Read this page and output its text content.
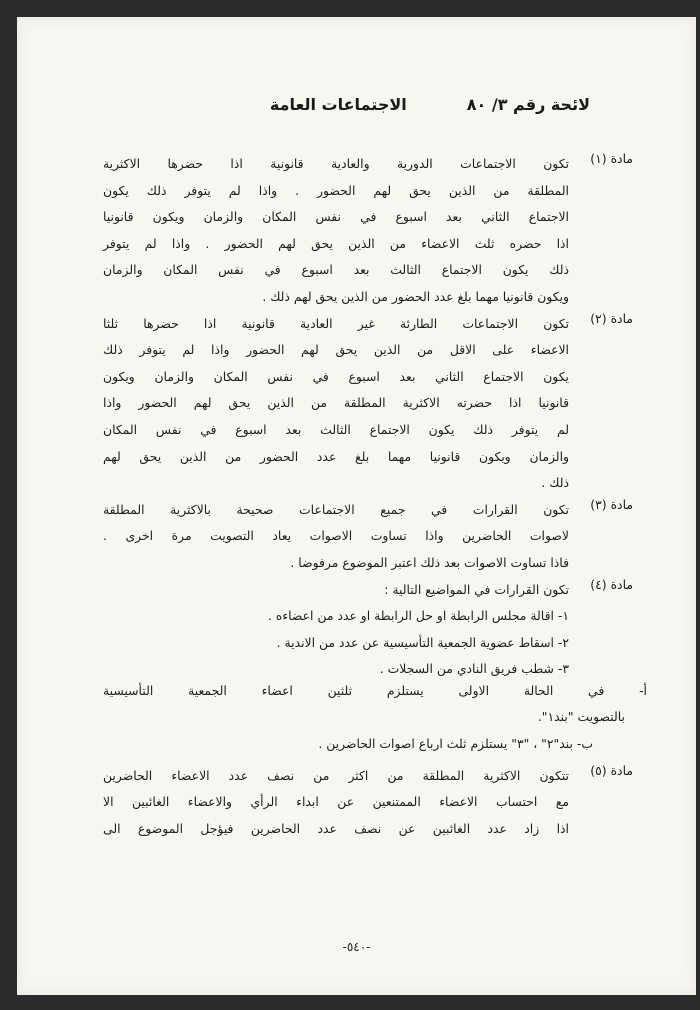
لائحة رقم ٣/ ٨٠
الاجتماعات العامة
مادة (١)
تكون الاجتماعات الدورية والعادية قانونية اذا حضرها الاكثرية
المطلقة من الذين يحق لهم الحضور . واذا لم يتوفر ذلك يكون
الاجتماع الثاني بعد اسبوع في نفس المكان والزمان ويكون قانونيا
اذا حضره ثلث الاعضاء من الذين يحق لهم الحضور . واذا لم يتوفر
ذلك يكون الاجتماع الثالث بعد اسبوع في نفس المكان والزمان
ويكون قانونيا مهما بلغ عدد الحضور من الذين يحق لهم ذلك .
مادة (٢)
تكون الاجتماعات الطارئة غير العادية قانونية اذا حضرها ثلثا
الاعضاء على الاقل من الذين يحق لهم الحضور واذا لم يتوفر ذلك
يكون الاجتماع الثاني بعد اسبوع في نفس المكان والزمان ويكون
قانونيا اذا حضرته الاكثرية المطلقة من الذين يحق لهم الحضور واذا
لم يتوفر ذلك يكون الاجتماع الثالث بعد اسبوع في نفس المكان
والزمان ويكون قانونيا مهما بلغ عدد الحضور من الذين يحق لهم
ذلك .
مادة (٣)
تكون القرارات في جميع الاجتماعات صحيحة بالاكثرية المطلقة
لاصوات الحاضرين واذا تساوت الاصوات يعاد التصويت مرة اخرى .
فاذا تساوت الاصوات بعد ذلك اعتبر الموضوع مرفوضا .
مادة (٤)
تكون القرارات في المواضيع التالية :
١- اقالة مجلس الرابطة او حل الرابطة او عدد من اعضاءه .
٢- اسقاط عضوية الجمعية التأسيسية عن عدد من الاندية .
٣- شطب فريق النادي من السجلات .
أ- في الحالة الاولى يستلزم ثلثين اعضاء الجمعية التأسيسية
بالتصويت "بند١".
ب- بند"٢" ، "٣" يستلزم ثلث ارباع اصوات الحاضرين .
مادة (٥)
تتكون الاكثرية المطلقة من اكثر من نصف عدد الاعضاء الحاضرين
مع احتساب الاعضاء الممتنعين عن ابداء الرأي والاعضاء الغائبين الا
اذا زاد عدد الغائبين عن نصف عدد الحاضرين فيؤجل الموضوع الى
-٥٤٠-
